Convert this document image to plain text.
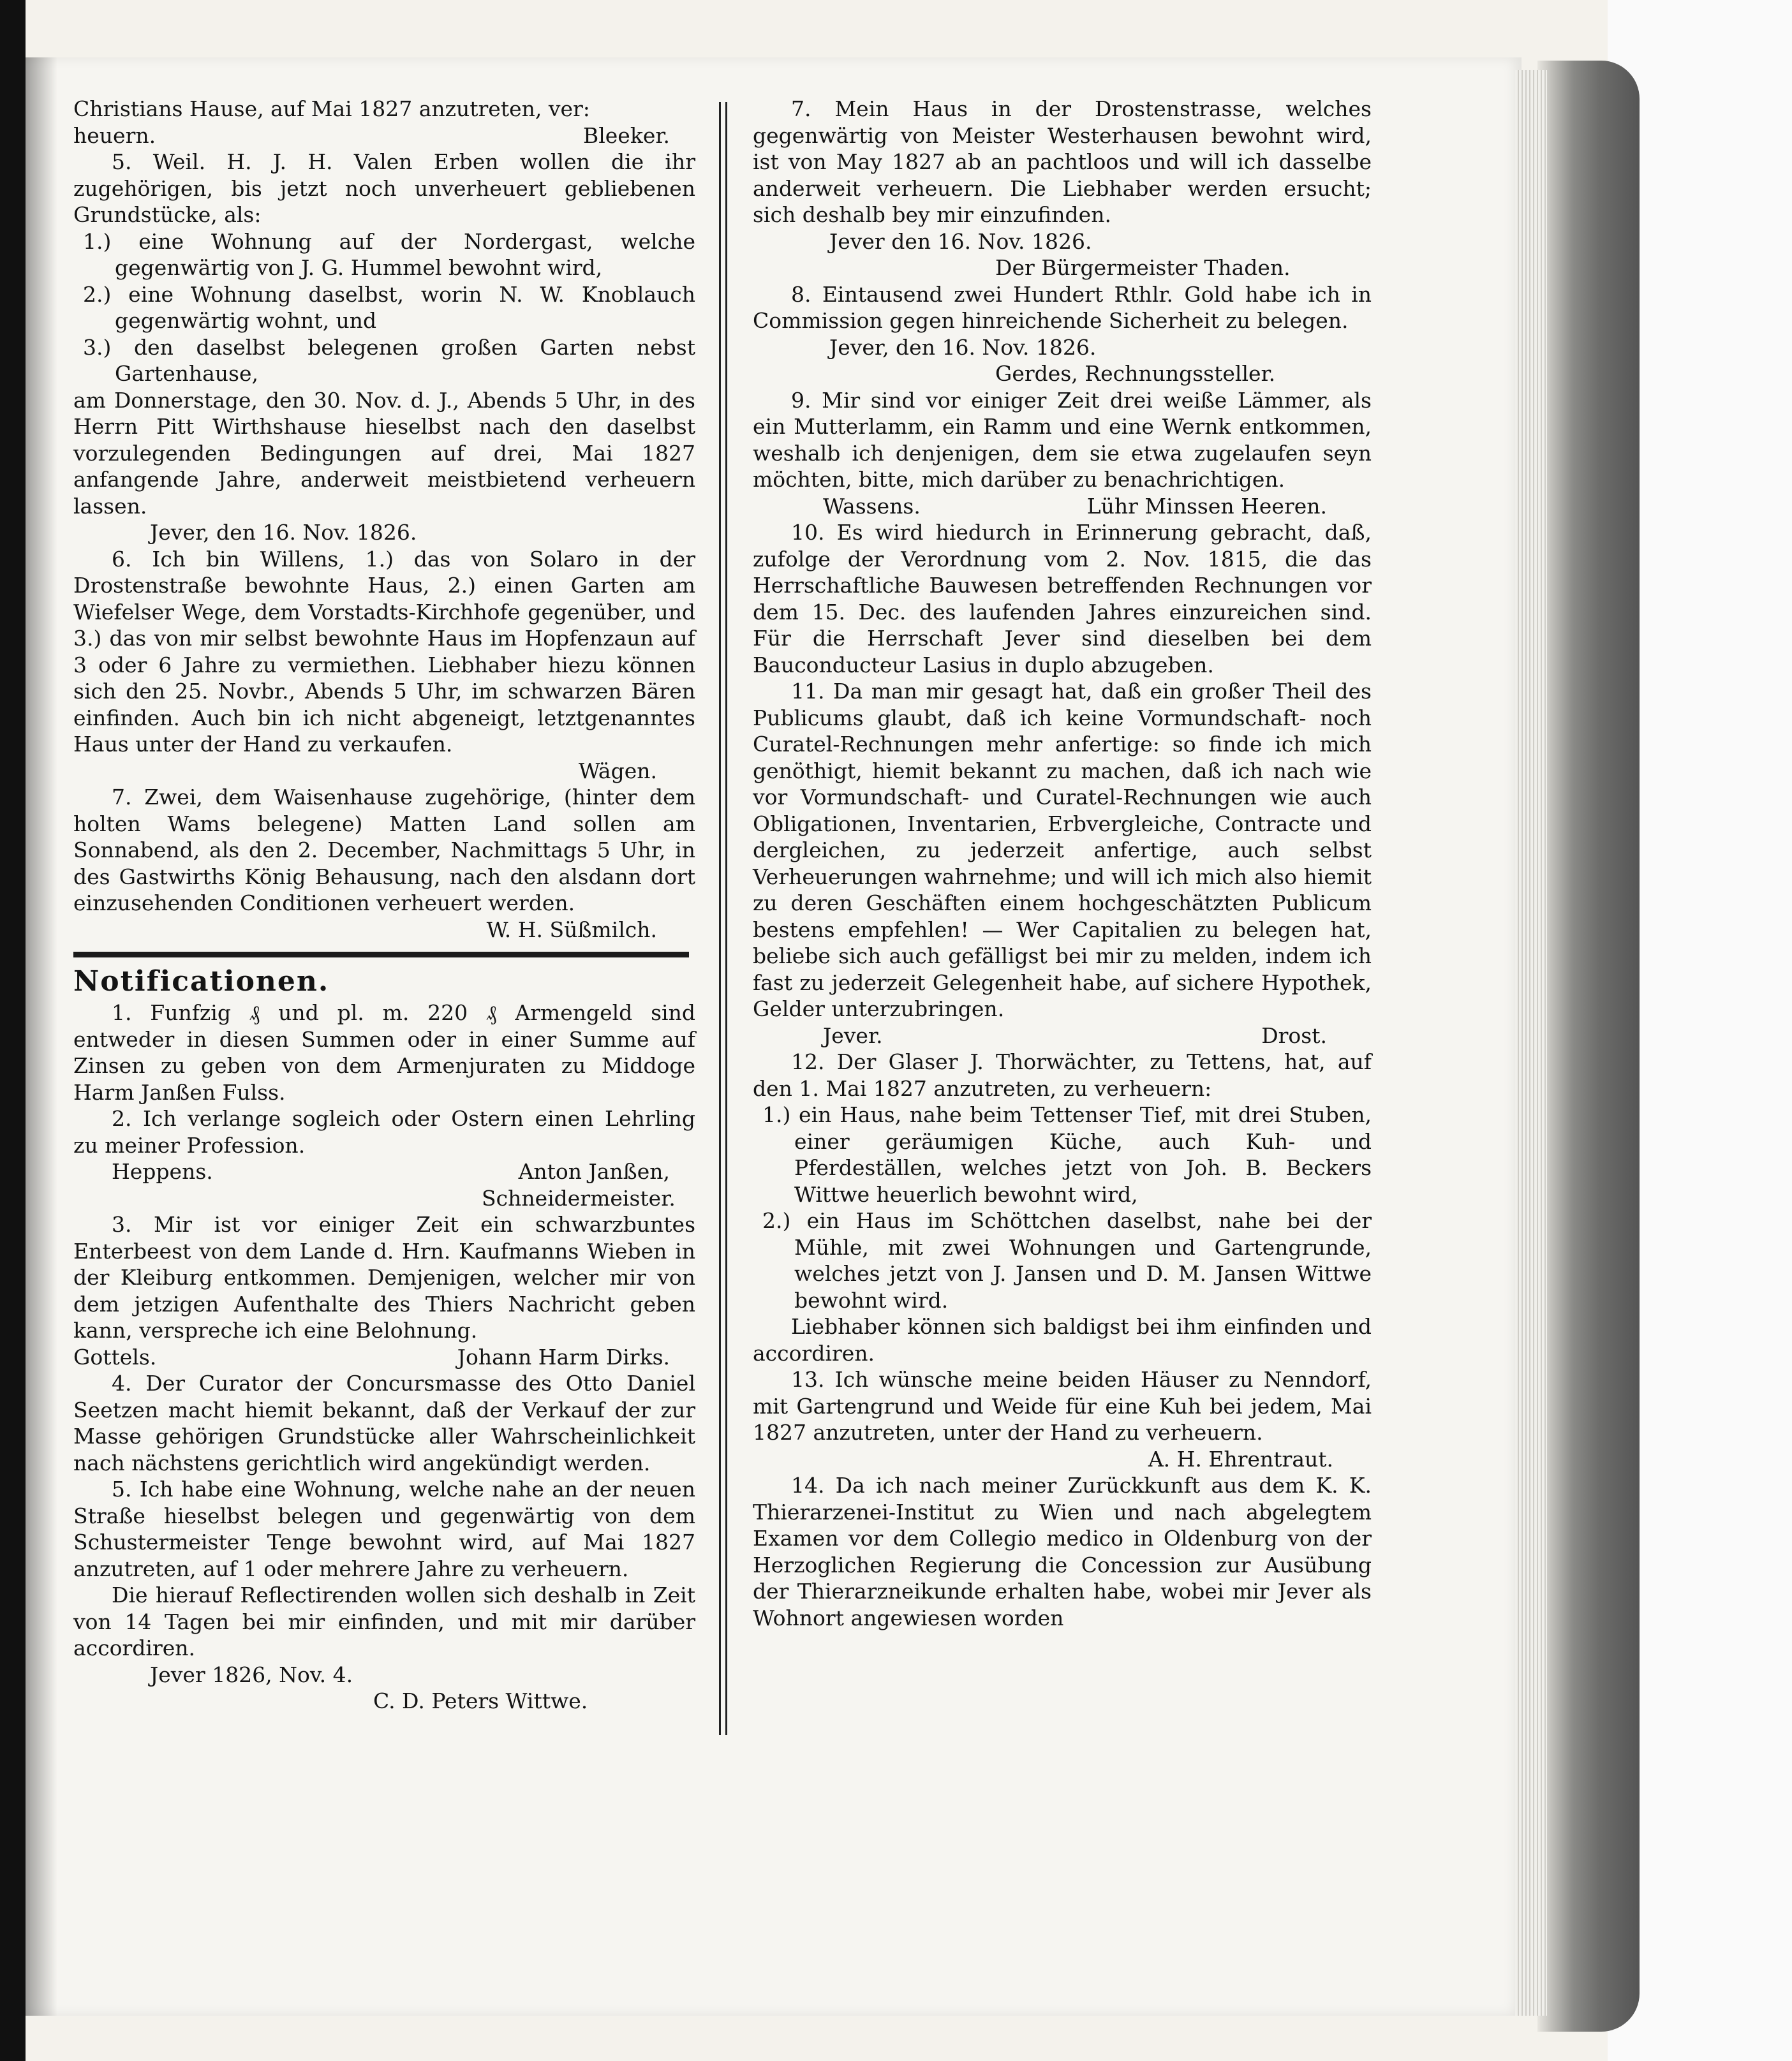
Christians Hause, auf Mai 1827 anzutreten, ver:

heuern.	Bleeker.

5. Weil. H. J. H. Valen Erben wollen die ihr zugehörigen, bis jetzt noch unverheuert gebliebenen Grundstücke, als:

1.) eine Wohnung auf der Nordergast, welche gegenwärtig von J. G. Hummel bewohnt wird,

2.) eine Wohnung daselbst, worin N. W. Knoblauch gegenwärtig wohnt, und

3.) den daselbst belegenen großen Garten nebst Gartenhause,

am Donnerstage, den 30. Nov. d. J., Abends 5 Uhr, in des Herrn Pitt Wirthshause hieselbst nach den daselbst vorzulegenden Bedingungen auf drei, Mai 1827 anfangende Jahre, anderweit meistbietend verheuern lassen.

Jever, den 16. Nov. 1826.

6. Ich bin Willens, 1.) das von Solaro in der Drostenstraße bewohnte Haus, 2.) einen Garten am Wiefelser Wege, dem Vorstadts-Kirchhofe gegenüber, und 3.) das von mir selbst bewohnte Haus im Hopfenzaun auf 3 oder 6 Jahre zu vermiethen. Liebhaber hiezu können sich den 25. Novbr., Abends 5 Uhr, im schwarzen Bären einfinden. Auch bin ich nicht abgeneigt, letztgenanntes Haus unter der Hand zu verkaufen.

Wägen.

7. Zwei, dem Waisenhause zugehörige, (hinter dem holten Wams belegene) Matten Land sollen am Sonnabend, als den 2. December, Nachmittags 5 Uhr, in des Gastwirths König Behausung, nach den alsdann dort einzusehenden Conditionen verheuert werden.

W. H. Süßmilch.

Notificationen.

1. Funfzig ₰ und pl. m. 220 ₰ Armengeld sind entweder in diesen Summen oder in einer Summe auf Zinsen zu geben von dem Armenjuraten zu Middoge Harm Janßen Fulss.

2. Ich verlange sogleich oder Ostern einen Lehrling zu meiner Profession.

Heppens.	Anton Janßen,

Schneidermeister.

3. Mir ist vor einiger Zeit ein schwarzbuntes Enterbeest von dem Lande d. Hrn. Kaufmanns Wieben in der Kleiburg entkommen. Demjenigen, welcher mir von dem jetzigen Aufenthalte des Thiers Nachricht geben kann, verspreche ich eine Belohnung.

Gottels.	Johann Harm Dirks.

4. Der Curator der Concursmasse des Otto Daniel Seetzen macht hiemit bekannt, daß der Verkauf der zur Masse gehörigen Grundstücke aller Wahrscheinlichkeit nach nächstens gerichtlich wird angekündigt werden.

5. Ich habe eine Wohnung, welche nahe an der neuen Straße hieselbst belegen und gegenwärtig von dem Schustermeister Tenge bewohnt wird, auf Mai 1827 anzutreten, auf 1 oder mehrere Jahre zu verheuern.

Die hierauf Reflectirenden wollen sich deshalb in Zeit von 14 Tagen bei mir einfinden, und mit mir darüber accordiren.

Jever 1826, Nov. 4.

C. D. Peters Wittwe.

7. Mein Haus in der Drostenstrasse, welches gegenwärtig von Meister Westerhausen bewohnt wird, ist von May 1827 ab an pachtloos und will ich dasselbe anderweit verheuern. Die Liebhaber werden ersucht; sich deshalb bey mir einzufinden.

Jever den 16. Nov. 1826.

Der Bürgermeister Thaden.

8. Eintausend zwei Hundert Rthlr. Gold habe ich in Commission gegen hinreichende Sicherheit zu belegen.

Jever, den 16. Nov. 1826.

Gerdes, Rechnungssteller.

9. Mir sind vor einiger Zeit drei weiße Lämmer, als ein Mutterlamm, ein Ramm und eine Wernk entkommen, weshalb ich denjenigen, dem sie etwa zugelaufen seyn möchten, bitte, mich darüber zu benachrichtigen.

Wassens.	Lühr Minssen Heeren.

10. Es wird hiedurch in Erinnerung gebracht, daß, zufolge der Verordnung vom 2. Nov. 1815, die das Herrschaftliche Bauwesen betreffenden Rechnungen vor dem 15. Dec. des laufenden Jahres einzureichen sind. Für die Herrschaft Jever sind dieselben bei dem Bauconducteur Lasius in duplo abzugeben.

11. Da man mir gesagt hat, daß ein großer Theil des Publicums glaubt, daß ich keine Vormundschaft- noch Curatel-Rechnungen mehr anfertige: so finde ich mich genöthigt, hiemit bekannt zu machen, daß ich nach wie vor Vormundschaft- und Curatel-Rechnungen wie auch Obligationen, Inventarien, Erbvergleiche, Contracte und dergleichen, zu jederzeit anfertige, auch selbst Verheuerungen wahrnehme; und will ich mich also hiemit zu deren Geschäften einem hochgeschätzten Publicum bestens empfehlen! — Wer Capitalien zu belegen hat, beliebe sich auch gefälligst bei mir zu melden, indem ich fast zu jederzeit Gelegenheit habe, auf sichere Hypothek, Gelder unterzubringen.

Jever.	Drost.

12. Der Glaser J. Thorwächter, zu Tettens, hat, auf den 1. Mai 1827 anzutreten, zu verheuern:

1.) ein Haus, nahe beim Tettenser Tief, mit drei Stuben, einer geräumigen Küche, auch Kuh- und Pferdeställen, welches jetzt von Joh. B. Beckers Wittwe heuerlich bewohnt wird,

2.) ein Haus im Schöttchen daselbst, nahe bei der Mühle, mit zwei Wohnungen und Gartengrunde, welches jetzt von J. Jansen und D. M. Jansen Wittwe bewohnt wird.

Liebhaber können sich baldigst bei ihm einfinden und accordiren.

13. Ich wünsche meine beiden Häuser zu Nenndorf, mit Gartengrund und Weide für eine Kuh bei jedem, Mai 1827 anzutreten, unter der Hand zu verheuern.

A. H. Ehrentraut.

14. Da ich nach meiner Zurückkunft aus dem K. K. Thierarzenei-Institut zu Wien und nach abgelegtem Examen vor dem Collegio medico in Oldenburg von der Herzoglichen Regierung die Concession zur Ausübung der Thierarzneikunde erhalten habe, wobei mir Jever als Wohnort angewiesen worden
